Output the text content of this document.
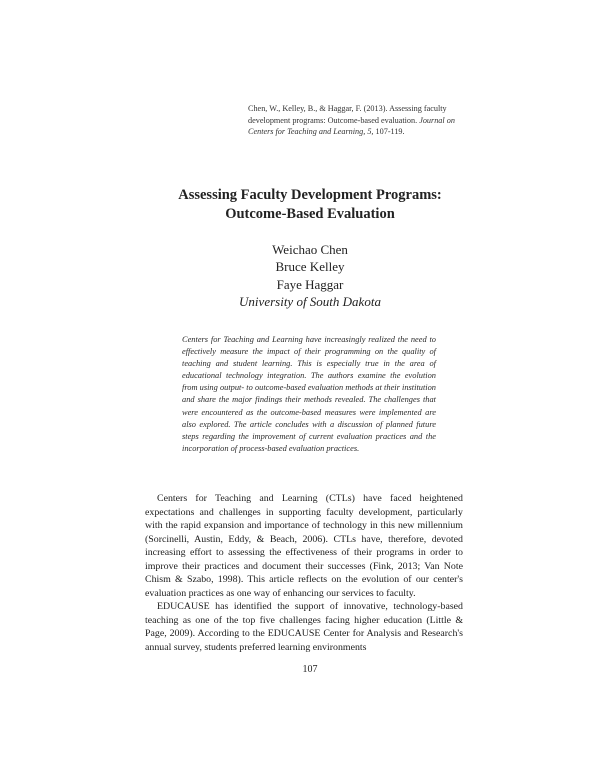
Chen, W., Kelley, B., & Haggar, F. (2013). Assessing faculty development programs: Outcome-based evaluation. Journal on Centers for Teaching and Learning, 5, 107-119.
Assessing Faculty Development Programs:
Outcome-Based Evaluation
Weichao Chen
Bruce Kelley
Faye Haggar
University of South Dakota
Centers for Teaching and Learning have increasingly realized the need to effectively measure the impact of their programming on the quality of teaching and student learning. This is especially true in the area of educational technology integration. The authors examine the evolution from using output- to outcome-based evaluation methods at their institution and share the major findings their methods revealed. The challenges that were encountered as the outcome-based measures were implemented are also explored. The article concludes with a discussion of planned future steps regarding the improvement of current evaluation practices and the incorporation of process-based evaluation practices.

Centers for Teaching and Learning (CTLs) have faced heightened expectations and challenges in supporting faculty development, particularly with the rapid expansion and importance of technology in this new millennium (Sorcinelli, Austin, Eddy, & Beach, 2006). CTLs have, therefore, devoted increasing effort to assessing the effectiveness of their programs in order to improve their practices and document their successes (Fink, 2013; Van Note Chism & Szabo, 1998). This article reflects on the evolution of our center's evaluation practices as one way of enhancing our services to faculty.

EDUCAUSE has identified the support of innovative, technology-based teaching as one of the top five challenges facing higher education (Little & Page, 2009). According to the EDUCAUSE Center for Analysis and Research's annual survey, students preferred learning environments

107
